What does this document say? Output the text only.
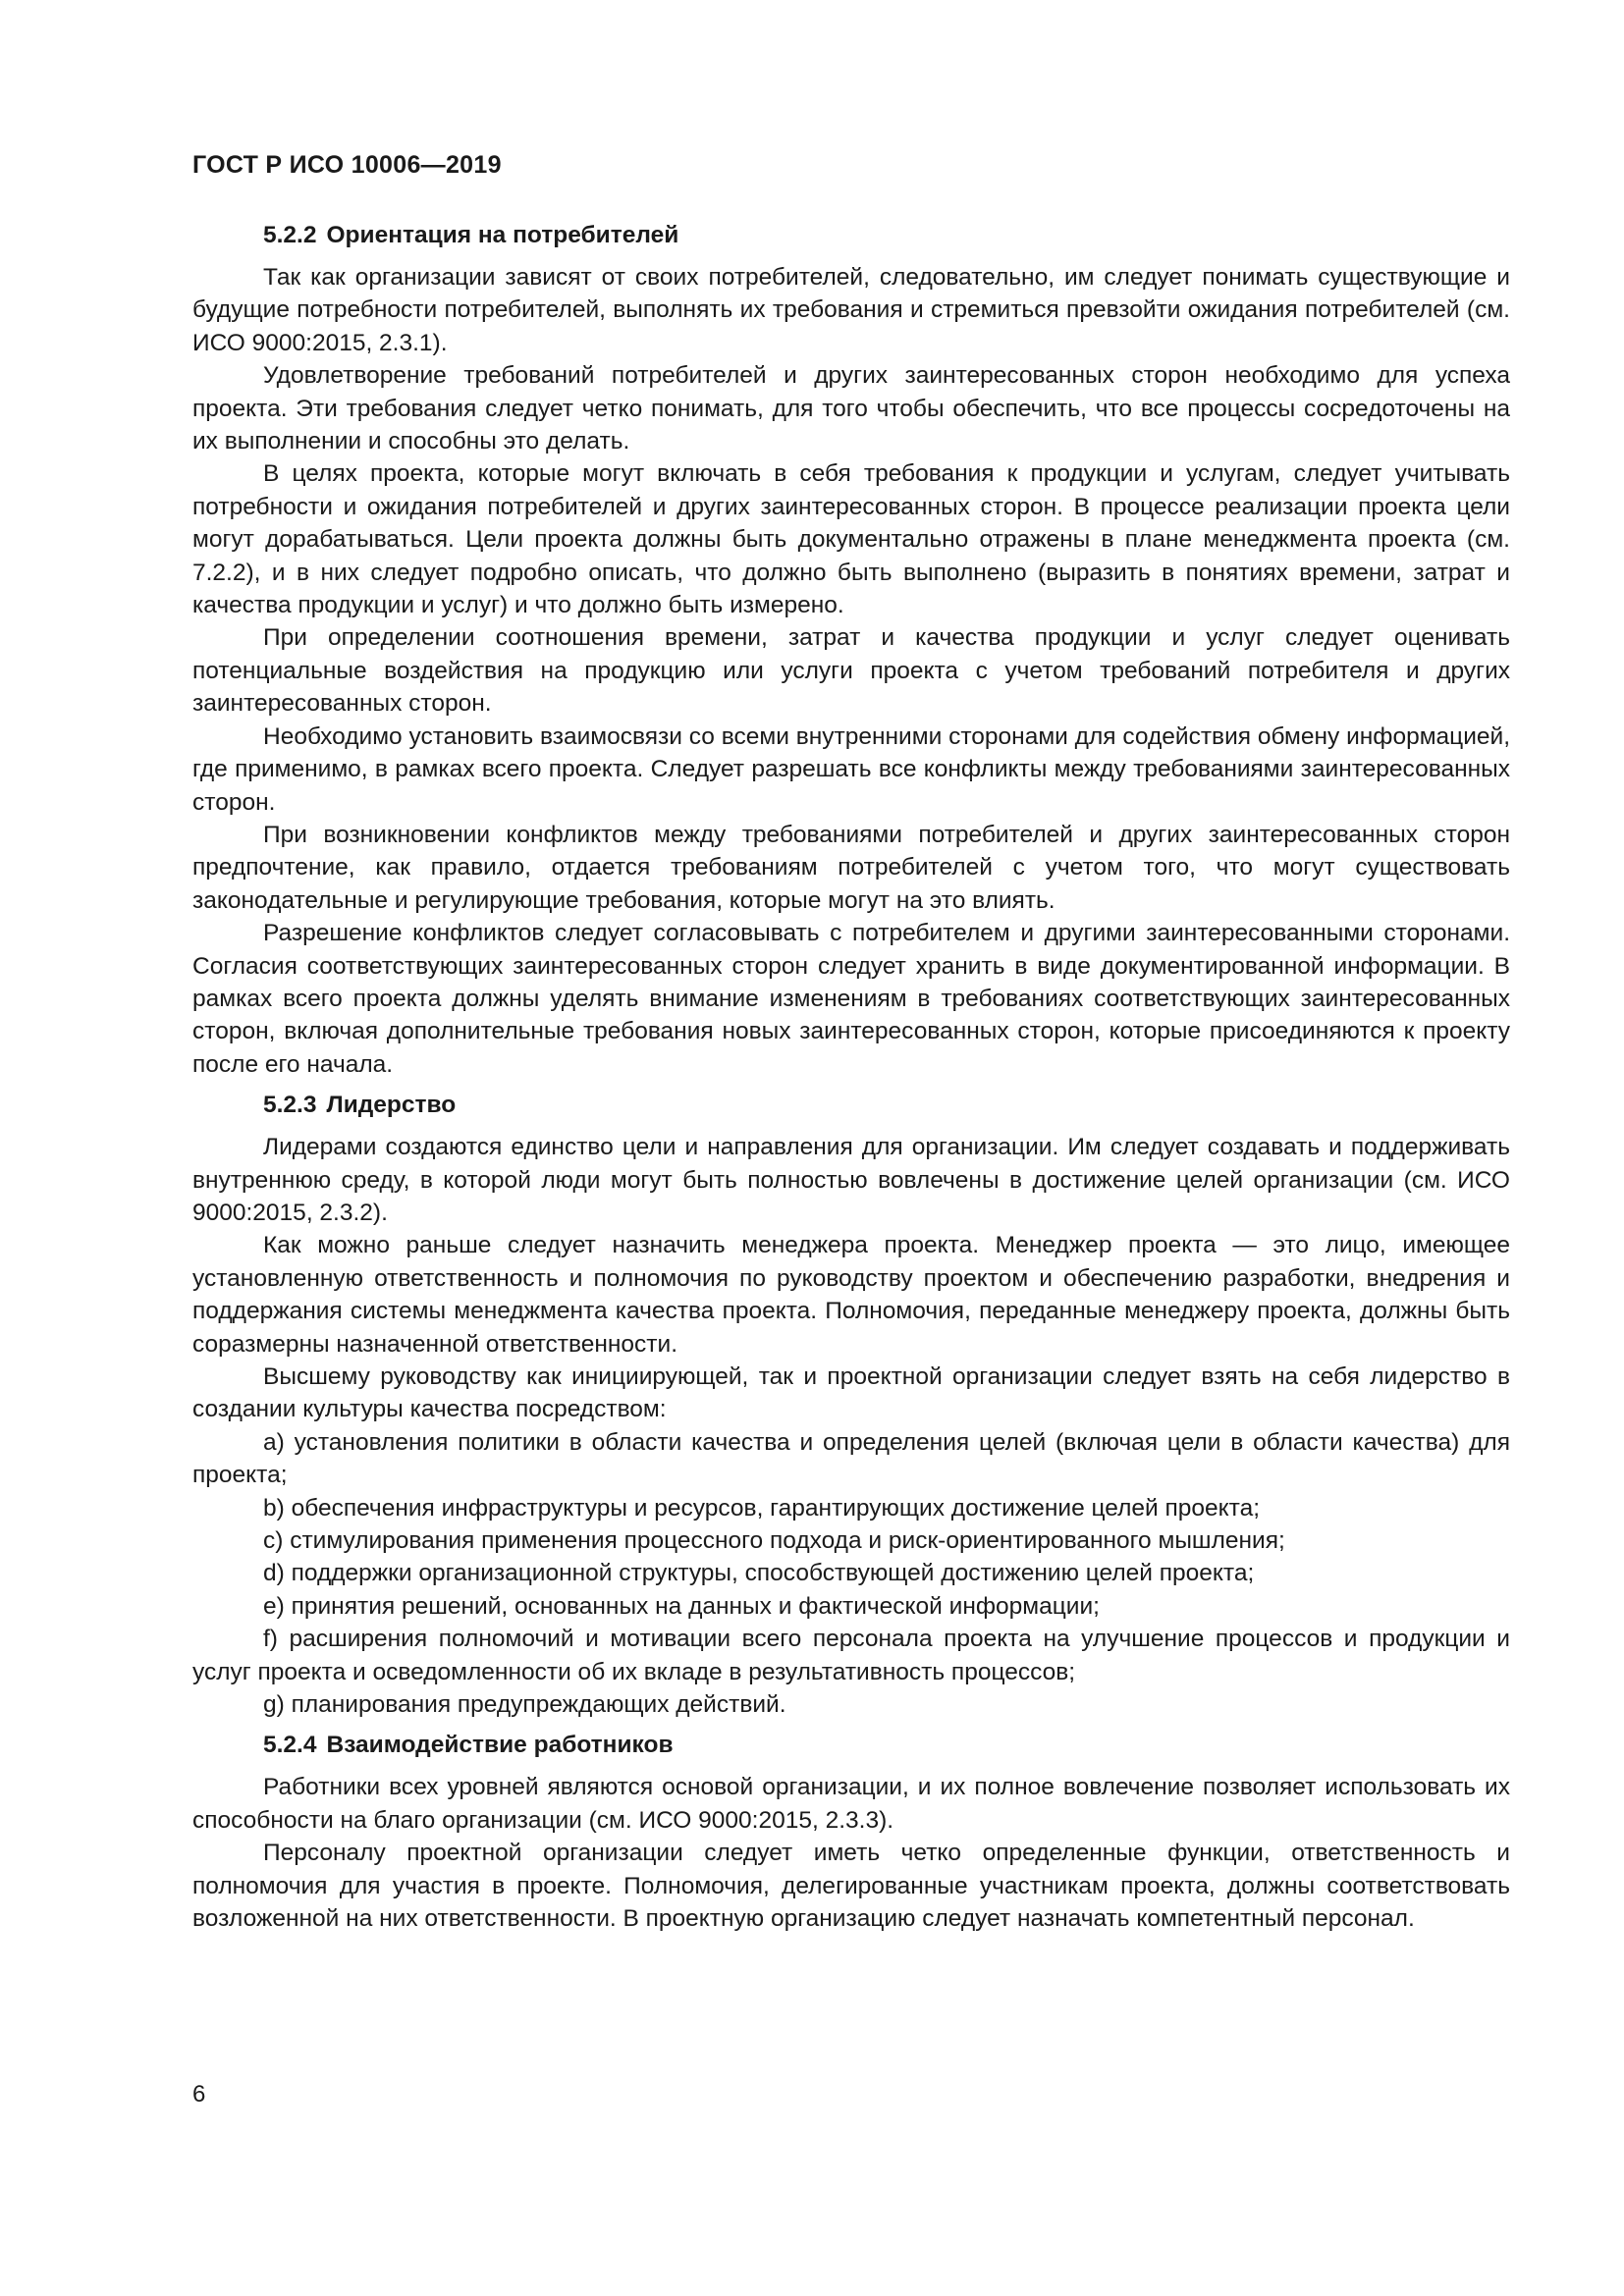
ГОСТ Р ИСО 10006—2019
5.2.2 Ориентация на потребителей

Так как организации зависят от своих потребителей, следовательно, им следует понимать существующие и будущие потребности потребителей, выполнять их требования и стремиться превзойти ожидания потребителей (см. ИСО 9000:2015, 2.3.1).

Удовлетворение требований потребителей и других заинтересованных сторон необходимо для успеха проекта. Эти требования следует четко понимать, для того чтобы обеспечить, что все процессы сосредоточены на их выполнении и способны это делать.

В целях проекта, которые могут включать в себя требования к продукции и услугам, следует учитывать потребности и ожидания потребителей и других заинтересованных сторон. В процессе реализации проекта цели могут дорабатываться. Цели проекта должны быть документально отражены в плане менеджмента проекта (см. 7.2.2), и в них следует подробно описать, что должно быть выполнено (выразить в понятиях времени, затрат и качества продукции и услуг) и что должно быть измерено.

При определении соотношения времени, затрат и качества продукции и услуг следует оценивать потенциальные воздействия на продукцию или услуги проекта с учетом требований потребителя и других заинтересованных сторон.

Необходимо установить взаимосвязи со всеми внутренними сторонами для содействия обмену информацией, где применимо, в рамках всего проекта. Следует разрешать все конфликты между требованиями заинтересованных сторон.

При возникновении конфликтов между требованиями потребителей и других заинтересованных сторон предпочтение, как правило, отдается требованиям потребителей с учетом того, что могут существовать законодательные и регулирующие требования, которые могут на это влиять.

Разрешение конфликтов следует согласовывать с потребителем и другими заинтересованными сторонами. Согласия соответствующих заинтересованных сторон следует хранить в виде документированной информации. В рамках всего проекта должны уделять внимание изменениям в требованиях соответствующих заинтересованных сторон, включая дополнительные требования новых заинтересованных сторон, которые присоединяются к проекту после его начала.

5.2.3 Лидерство

Лидерами создаются единство цели и направления для организации. Им следует создавать и поддерживать внутреннюю среду, в которой люди могут быть полностью вовлечены в достижение целей организации (см. ИСО 9000:2015, 2.3.2).

Как можно раньше следует назначить менеджера проекта. Менеджер проекта — это лицо, имеющее установленную ответственность и полномочия по руководству проектом и обеспечению разработки, внедрения и поддержания системы менеджмента качества проекта. Полномочия, переданные менеджеру проекта, должны быть соразмерны назначенной ответственности.

Высшему руководству как инициирующей, так и проектной организации следует взять на себя лидерство в создании культуры качества посредством:

a) установления политики в области качества и определения целей (включая цели в области качества) для проекта;

b) обеспечения инфраструктуры и ресурсов, гарантирующих достижение целей проекта;

c) стимулирования применения процессного подхода и риск-ориентированного мышления;

d) поддержки организационной структуры, способствующей достижению целей проекта;

e) принятия решений, основанных на данных и фактической информации;

f) расширения полномочий и мотивации всего персонала проекта на улучшение процессов и продукции и услуг проекта и осведомленности об их вкладе в результативность процессов;

g) планирования предупреждающих действий.

5.2.4 Взаимодействие работников

Работники всех уровней являются основой организации, и их полное вовлечение позволяет использовать их способности на благо организации (см. ИСО 9000:2015, 2.3.3).

Персоналу проектной организации следует иметь четко определенные функции, ответственность и полномочия для участия в проекте. Полномочия, делегированные участникам проекта, должны соответствовать возложенной на них ответственности. В проектную организацию следует назначать компетентный персонал.

6
